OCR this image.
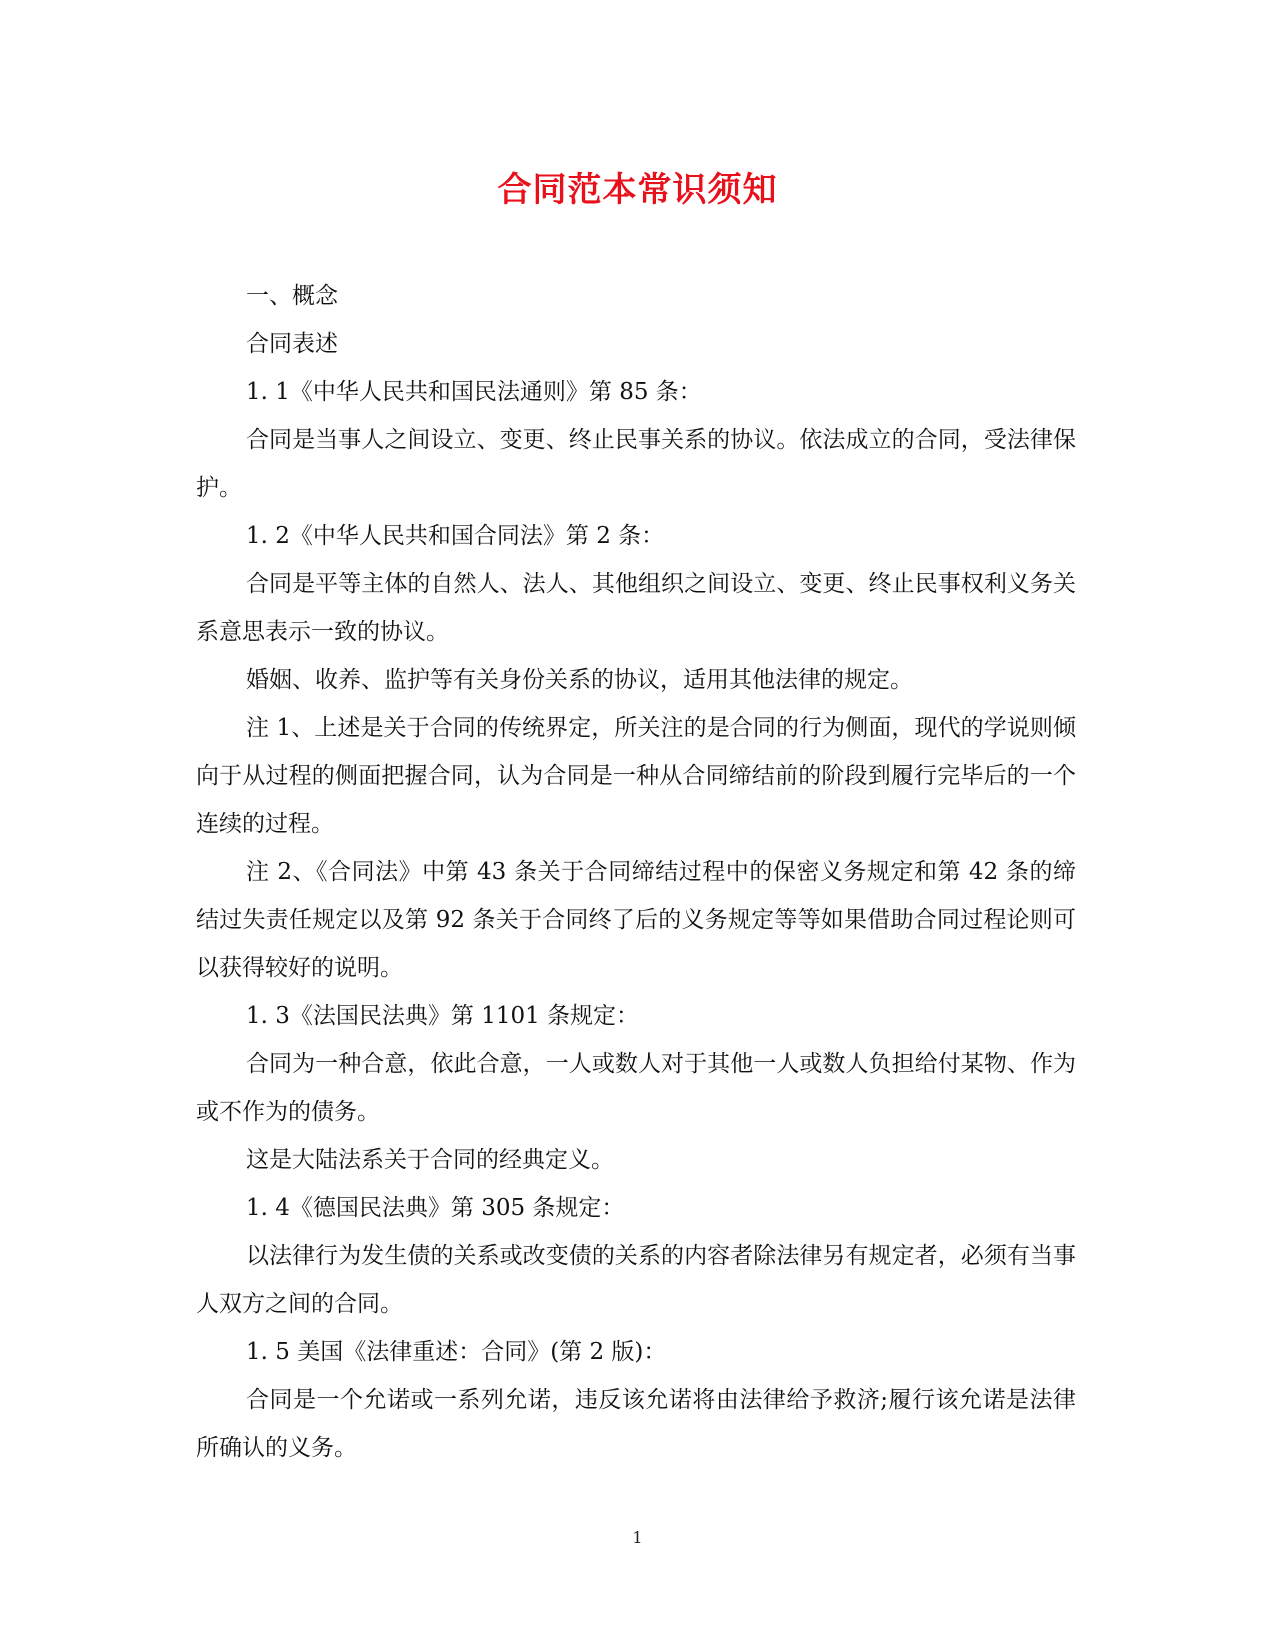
合同范本常识须知

一、概念

合同表述

1. 1《中华人民共和国民法通则》第 85 条：

合同是当事人之间设立、变更、终止民事关系的协议。依法成立的合同，受法律保护。

1. 2《中华人民共和国合同法》第 2 条：

合同是平等主体的自然人、法人、其他组织之间设立、变更、终止民事权利义务关系意思表示一致的协议。

婚姻、收养、监护等有关身份关系的协议，适用其他法律的规定。

注 1、上述是关于合同的传统界定，所关注的是合同的行为侧面，现代的学说则倾向于从过程的侧面把握合同，认为合同是一种从合同缔结前的阶段到履行完毕后的一个连续的过程。

注 2、《合同法》中第 43 条关于合同缔结过程中的保密义务规定和第 42 条的缔结过失责任规定以及第 92 条关于合同终了后的义务规定等等如果借助合同过程论则可以获得较好的说明。

1. 3《法国民法典》第 1101 条规定：

合同为一种合意，依此合意，一人或数人对于其他一人或数人负担给付某物、作为或不作为的债务。

这是大陆法系关于合同的经典定义。

1. 4《德国民法典》第 305 条规定：

以法律行为发生债的关系或改变债的关系的内容者除法律另有规定者，必须有当事人双方之间的合同。

1. 5 美国《法律重述：合同》(第 2 版)：

合同是一个允诺或一系列允诺，违反该允诺将由法律给予救济;履行该允诺是法律所确认的义务。

1
